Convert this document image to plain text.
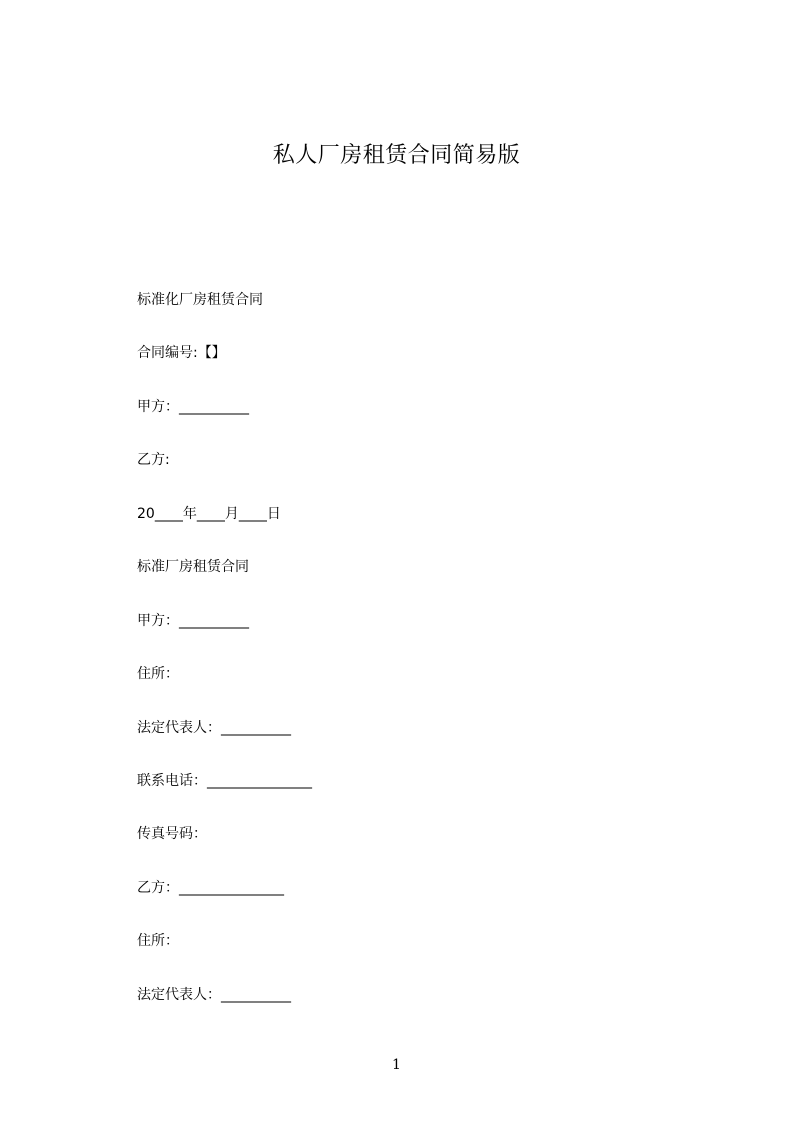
私人厂房租赁合同简易版
标准化厂房租赁合同
合同编号:【】
甲方：__________
乙方:
20____年____月____日
标准厂房租赁合同
甲方：__________
住所：
法定代表人：__________
联系电话：_______________
传真号码：
乙方：_______________
住所：
法定代表人：__________
1
